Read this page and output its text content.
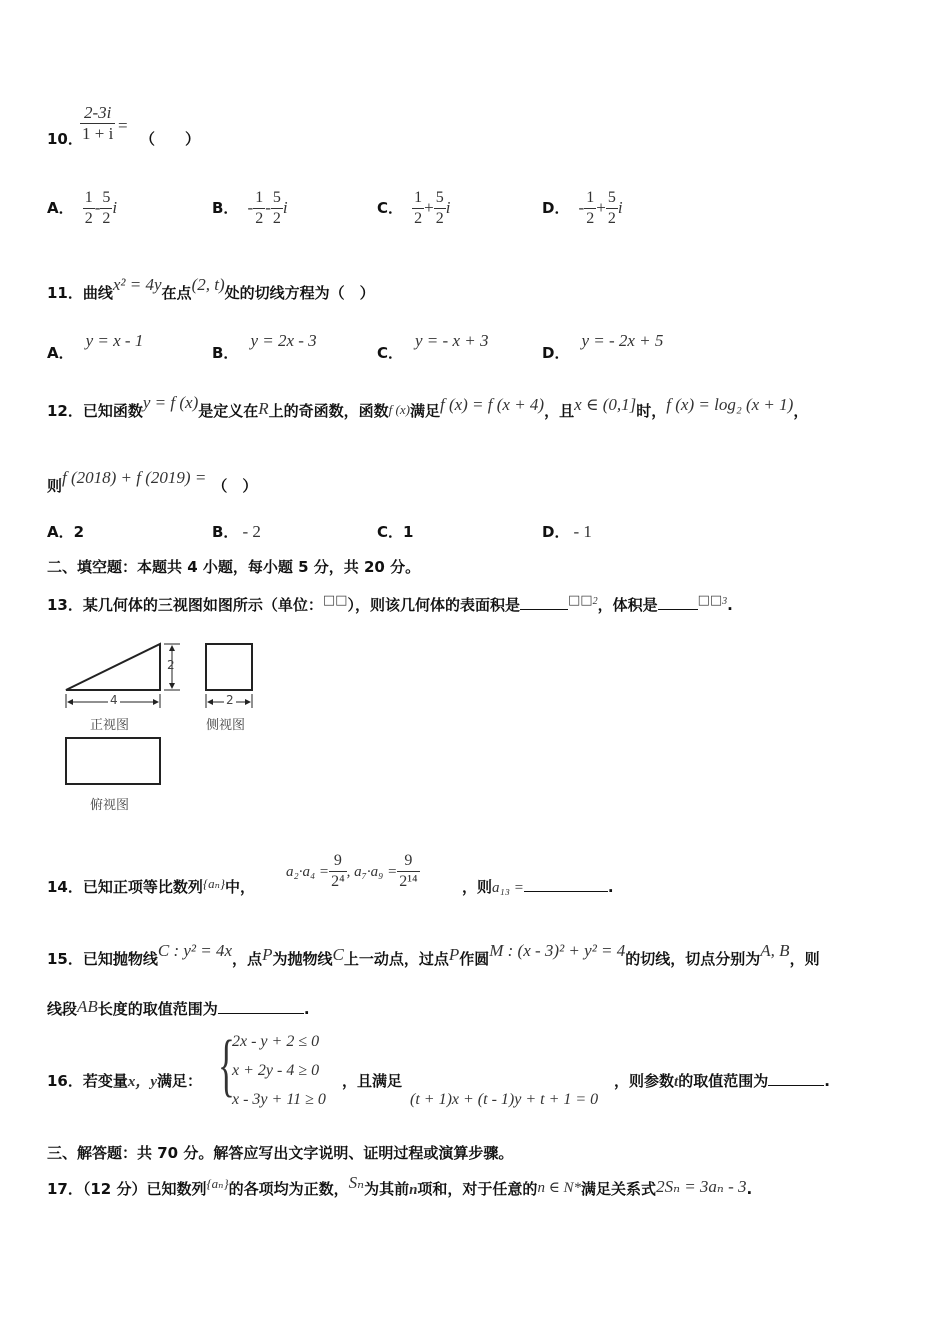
10．
$\frac{2-3i}{1 + i}$ =
（　　）
A． $\frac{1}{2} - \frac{5}{2}$ i	B． - $\frac{1}{2} - \frac{5}{2}$ i	C． $\frac{1}{2} + \frac{5}{2}$ i	D． - $\frac{1}{2} + \frac{5}{2}$ i
11．曲线x² = 4y在点(2, t)处的切线方程为（　）
A．y = x - 1
B．y = 2x - 3
C．y = - x + 3
D．y = - 2x + 5
12．已知函数y = f (x)是定义在R上的奇函数，函数f (x)满足f (x) = f (x + 4)，且x ∈ (0,1]时，f (x) = log₂ (x + 1)，
则f (2018) + f (2019) = （　）
A．2	B． - 2	C．1	D． - 1
二、填空题：本题共 4 小题，每小题 5 分，共 20 分。
13．某几何体的三视图如图所示（单位：□□），则该几何体的表面积是	□□$^2$，体积是	□□$^3$.
4
2
2
正视图	侧视图
俯视图
14．已知正项等比数列{aₙ}中，
$a_2\cdot a_4 = \frac{9}{\text{2⁴}}$ , $a_7\cdot a_9 = \frac{9}{\text{2¹⁴}}$	，则a₁₃ =	.
15．已知抛物线C : y² = 4x，点P为抛物线C上一动点，过点P作圆M : (x - 3)² + y² = 4的切线，切点分别为A, B，则
线段AB长度的取值范围为	.
16．若变量x，y满足： {
2x - y + 2 ≤ 0
x + 2y - 4 ≥ 0
x - 3y + 11 ≥ 0
，且满足
(t + 1)x + (t - 1)y + t + 1 = 0
，则参数t的取值范围为	.
三、解答题：共 70 分。解答应写出文字说明、证明过程或演算步骤。
17．（12 分）已知数列{aₙ}的各项均为正数，Sₙ为其前n项和，对于任意的n ∈ N*满足关系式2Sₙ = 3aₙ - 3.
